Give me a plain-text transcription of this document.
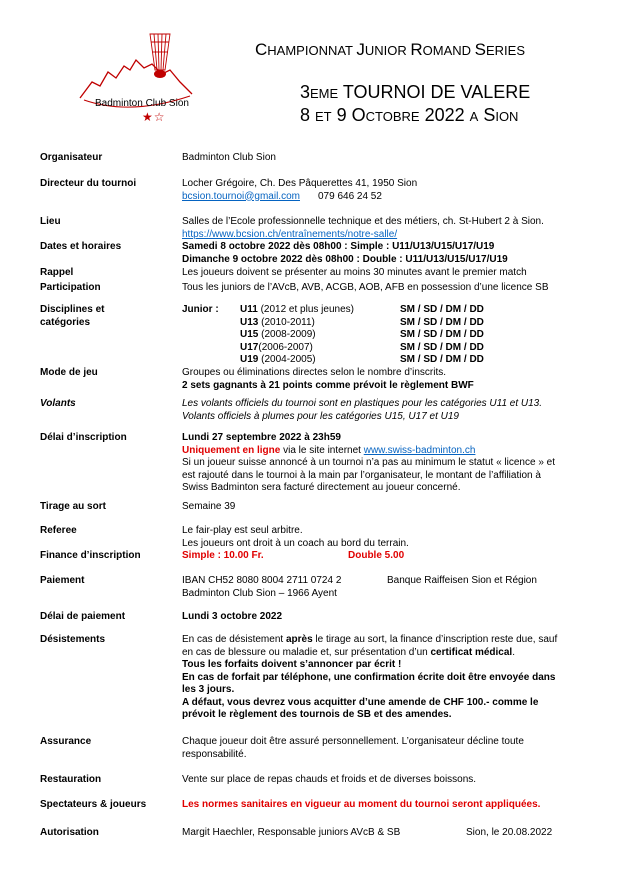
Badminton Club Sion
★☆
CHAMPIONNAT JUNIOR ROMAND SERIES
3EME TOURNOI DE VALERE
8 ET 9 OCTOBRE 2022 A SION
Organisateur	Badminton Club Sion
Directeur du tournoi	Locher Grégoire, Ch. Des Pâquerettes 41, 1950 Sion
bcsion.tournoi@gmail.com 079 646 24 52
Lieu	Salles de l’Ecole professionnelle technique et des métiers, ch. St-Hubert 2 à Sion.
https://www.bcsion.ch/entraînements/notre-salle/
Dates et horaires	Samedi 8 octobre 2022 dès 08h00 : Simple : U11/U13/U15/U17/U19
Dimanche 9 octobre 2022 dès 08h00 : Double : U11/U13/U15/U17/U19
Rappel	Les joueurs doivent se présenter au moins 30 minutes avant le premier match
Participation	Tous les juniors de l’AVcB, AVB, ACGB, AOB, AFB en possession d’une licence SB
Disciplines et
catégories
Junior : U11 (2012 et plus jeunes)	SM / SD / DM / DD
U13 (2010-2011)	SM / SD / DM / DD
U15 (2008-2009)	SM / SD / DM / DD
U17(2006-2007)	SM / SD / DM / DD
U19 (2004-2005)	SM / SD / DM / DD
Mode de jeu	Groupes ou éliminations directes selon le nombre d’inscrits.
2 sets gagnants à 21 points comme prévoit le règlement BWF
Volants	Les volants officiels du tournoi sont en plastiques pour les catégories U11 et U13.
Volants officiels à plumes pour les catégories U15, U17 et U19
Délai d’inscription	Lundi 27 septembre 2022 à 23h59
Uniquement en ligne via le site internet www.swiss-badminton.ch
Si un joueur suisse annoncé à un tournoi n’a pas au minimum le statut « licence » et
est rajouté dans le tournoi à la main par l’organisateur, le montant de l’affiliation à
Swiss Badminton sera facturé directement au joueur concerné.
Tirage au sort	Semaine 39
Referee	Le fair-play est seul arbitre.
Les joueurs ont droit à un coach au bord du terrain.
Finance d’inscription	Simple : 10.00 Fr.	Double 5.00
Paiement	IBAN CH52 8080 8004 2711 0724 2	Banque Raiffeisen Sion et Région
Badminton Club Sion – 1966 Ayent
Délai de paiement	Lundi 3 octobre 2022
Désistements	En cas de désistement après le tirage au sort, la finance d’inscription reste due, sauf
en cas de blessure ou maladie et, sur présentation d’un certificat médical.
Tous les forfaits doivent s’annoncer par écrit !
En cas de forfait par téléphone, une confirmation écrite doit être envoyée dans
les 3 jours.
A défaut, vous devrez vous acquitter d’une amende de CHF 100.- comme le
prévoit le règlement des tournois de SB et des amendes.
Assurance	Chaque joueur doit être assuré personnellement. L’organisateur décline toute
responsabilité.
Restauration	Vente sur place de repas chauds et froids et de diverses boissons.
Spectateurs & joueurs	Les normes sanitaires en vigueur au moment du tournoi seront appliquées.
Autorisation	Margit Haechler, Responsable juniors AVcB & SB	Sion, le 20.08.2022
